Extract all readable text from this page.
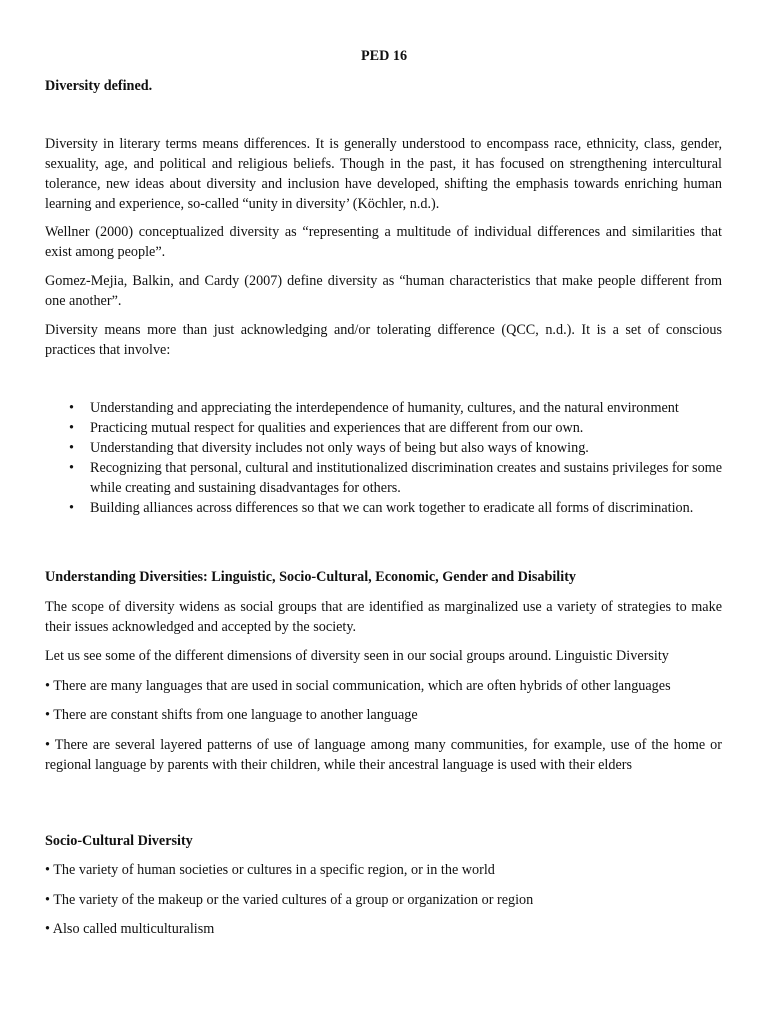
PED 16

Diversity defined.

Diversity in literary terms means differences. It is generally understood to encompass race, ethnicity, class, gender, sexuality, age, and political and religious beliefs. Though in the past, it has focused on strengthening intercultural tolerance, new ideas about diversity and inclusion have developed, shifting the emphasis towards enriching human learning and experience, so-called “unity in diversity’ (Köchler, n.d.).

Wellner (2000) conceptualized diversity as “representing a multitude of individual differences and similarities that exist among people”.

Gomez-Mejia, Balkin, and Cardy (2007) define diversity as “human characteristics that make people different from one another”.

Diversity means more than just acknowledging and/or tolerating difference (QCC, n.d.). It is a set of conscious practices that involve:

• Understanding and appreciating the interdependence of humanity, cultures, and the natural environment
• Practicing mutual respect for qualities and experiences that are different from our own.
• Understanding that diversity includes not only ways of being but also ways of knowing.
• Recognizing that personal, cultural and institutionalized discrimination creates and sustains privileges for some while creating and sustaining disadvantages for others.
• Building alliances across differences so that we can work together to eradicate all forms of discrimination.

Understanding Diversities: Linguistic, Socio-Cultural, Economic, Gender and Disability

The scope of diversity widens as social groups that are identified as marginalized use a variety of strategies to make their issues acknowledged and accepted by the society.

Let us see some of the different dimensions of diversity seen in our social groups around. Linguistic Diversity

• There are many languages that are used in social communication, which are often hybrids of other languages

• There are constant shifts from one language to another language

• There are several layered patterns of use of language among many communities, for example, use of the home or regional language by parents with their children, while their ancestral language is used with their elders

Socio-Cultural Diversity

• The variety of human societies or cultures in a specific region, or in the world

• The variety of the makeup or the varied cultures of a group or organization or region

• Also called multiculturalism
